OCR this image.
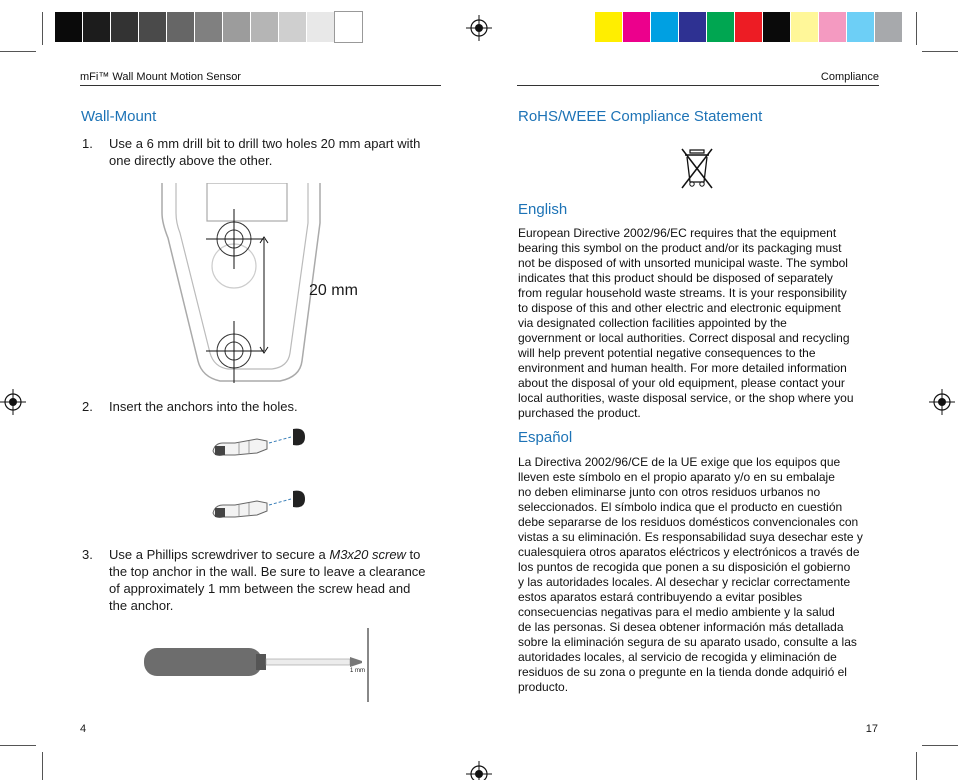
mFi™ Wall Mount Motion Sensor
Wall-Mount
1. Use a 6 mm drill bit to drill two holes 20 mm apart with
one directly above the other.
20 mm
2. Insert the anchors into the holes.
3. Use a Phillips screwdriver to secure a M3x20 screw to
the top anchor in the wall. Be sure to leave a clearance
of approximately 1 mm between the screw head and
the anchor.
1 mm
4
Compliance
RoHS/WEEE Compliance Statement
English
European Directive 2002/96/EC requires that the equipment
bearing this symbol on the product and/or its packaging must
not be disposed of with unsorted municipal waste. The symbol
indicates that this product should be disposed of separately
from regular household waste streams. It is your responsibility
to dispose of this and other electric and electronic equipment
via designated collection facilities appointed by the
government or local authorities. Correct disposal and recycling
will help prevent potential negative consequences to the
environment and human health. For more detailed information
about the disposal of your old equipment, please contact your
local authorities, waste disposal service, or the shop where you
purchased the product.
Español
La Directiva 2002/96/CE de la UE exige que los equipos que
lleven este símbolo en el propio aparato y/o en su embalaje
no deben eliminarse junto con otros residuos urbanos no
seleccionados. El símbolo indica que el producto en cuestión
debe separarse de los residuos domésticos convencionales con
vistas a su eliminación. Es responsabilidad suya desechar este y
cualesquiera otros aparatos eléctricos y electrónicos a través de
los puntos de recogida que ponen a su disposición el gobierno
y las autoridades locales. Al desechar y reciclar correctamente
estos aparatos estará contribuyendo a evitar posibles
consecuencias negativas para el medio ambiente y la salud
de las personas. Si desea obtener información más detallada
sobre la eliminación segura de su aparato usado, consulte a las
autoridades locales, al servicio de recogida y eliminación de
residuos de su zona o pregunte en la tienda donde adquirió el
producto.
17
